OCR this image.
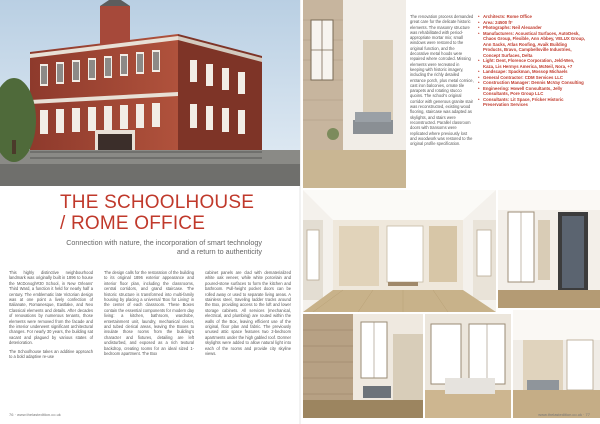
The renovation process demanded great care for the delicate historic elements. The masonry structure was rehabilitated with period-appropriate mortar mix; small windows were restored to the original function, and the decorative metal hoods were repaired where corroded. Missing elements were recreated in keeping with historic imagery, including the richly detailed entrance porch, plus metal cornice, cast iron balconies, ornate tile parapets and rotating stucco quoins. The school's original corridor with generous granite stair was reconstructed, existing wood flooring, staircase was adapted as skylights, and stairs were reconstructed. Parallel classroom doors with transoms were replicated where previously lost and woodwork was restored to the original profile specification.
• Architects: Rome Office
• Area: 24500 ft²
• Photographs: Neil Alexander
• Manufacturers: Acoustical Surfaces, AutoDesk, Chaos Group, Flexible, Ann Abbey, VELUX Group, Ann Sacks, Atlas Roofing, Avaik Building Products, Bravo, Campbellsville Industries, Concept Surfaces, Delta
• Light: Dent, Florence Corporation, Jeld-Wen, Kaza, Lis Hermys America, McNeil, Nora, +7
• Landscape: Spackman, Mossop Michaels
• General Contractor: CDM Services LLC
• Construction Manager: Dennis McVay Consulting
• Engineering: Howell Consultants, Jelly Consultants, Pore Group LLC
• Consultants: Lit Space, Fricker Historic Preservation Services
THE SCHOOLHOUSE
/ ROME OFFICE
Connection with nature, the incorporation of smart technology and a return to authenticity

This highly distinctive neighbourhood landmark was originally built in 1896 to house the McDonogh#30 School, in New Orleans' Third Ward, a function it held for nearly half a century. The emblematic late Victorian design was at one point a lively confection of Italianate, Romanesque, Eastlake, and Neo Classical elements and details. After decades of renovations by numerous tenants, those elements were removed from the facade and the interior underwent significant architectural changes. For nearly 30 years, the building sat vacant and plagued by various states of deterioration.

The Schoolhouse takes an additive approach to a bold adaptive re-use

The design calls for the restoration of the building to its original 1896 exterior appearance and interior floor plan, including the classrooms, central corridors, and grand staircase. The historic structure is transformed into multi-family housing by placing a universal 'Box for Living' in the center of each classroom. These Boxes contain the essential components for modern day living: a kitchen, bathroom, wardrobe, entertainment unit, laundry, mechanical closet, and tubed clerical areas, leaving the Boxes to insulate those rooms from the building's character and fixtures, detailing are left undisturbed, and exposed as a rich textural backdrop, creating rooms for an ideal sized 1-bedroom apartment. The Box

cabinet panels are clad with dematerialized white oak veneer, while white porcelain and poured-stone surfaces to form the kitchen and bathroom. Pull-height pocket doors can be rolled away or used to separate living areas. A stainless steel, traveling ladder tracks around the Box, providing access to the loft and lower storage cabinets. All services (mechanical, electrical, and plumbing) are routed within the walls of the Box, leaving efficient use of the original, floor plan and fabric. The previously unused attic space features two 2-bedroom apartments under the high gabled roof. Dormer skylights were added to allow natural light into each of the rooms and provide city skyline views.

76 · www.thelastedition.co.uk	www.thelastedition.co.uk · 77
